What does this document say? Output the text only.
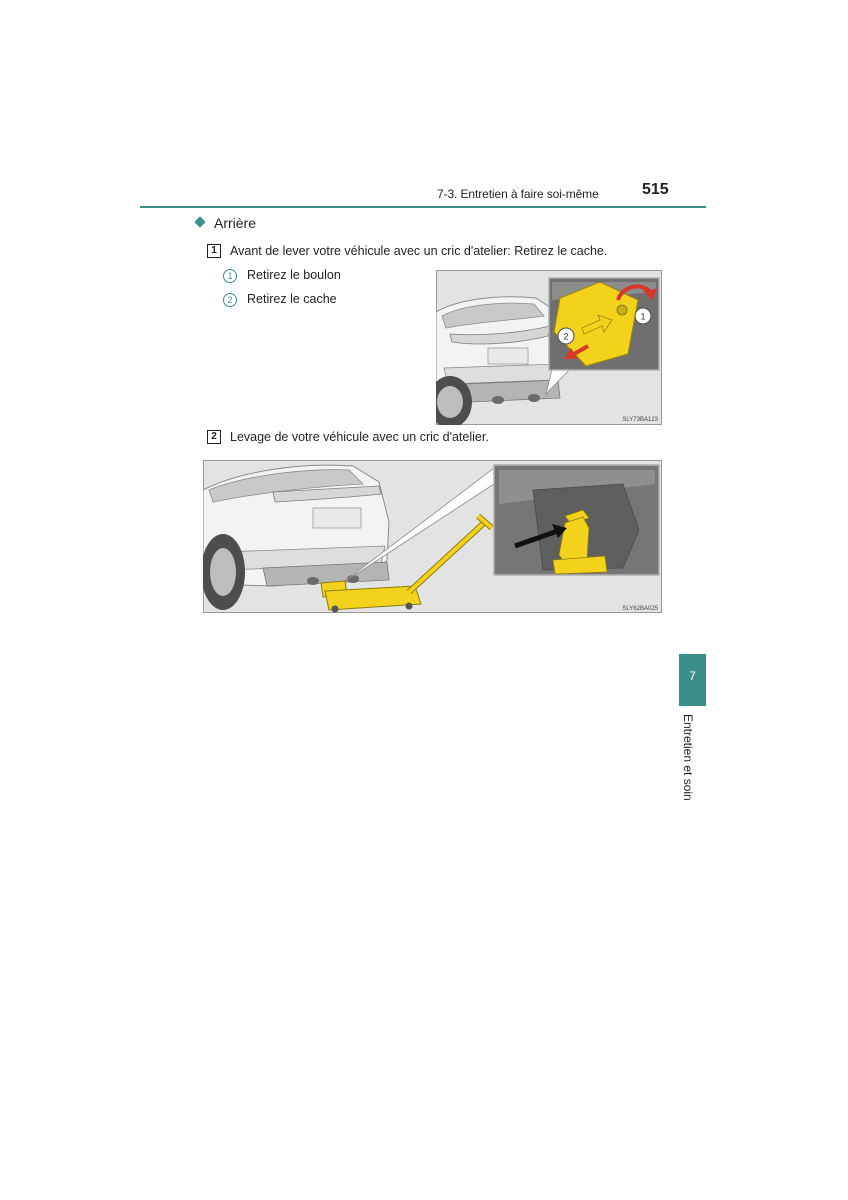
7-3. Entretien à faire soi-même	515
Arrière
1	Avant de lever votre véhicule avec un cric d'atelier: Retirez le cache.
1	Retirez le boulon
2	Retirez le cache
1
2
SLY73BA123
2	Levage de votre véhicule avec un cric d'atelier.
SLY62BA025
7
Entretien et soin
